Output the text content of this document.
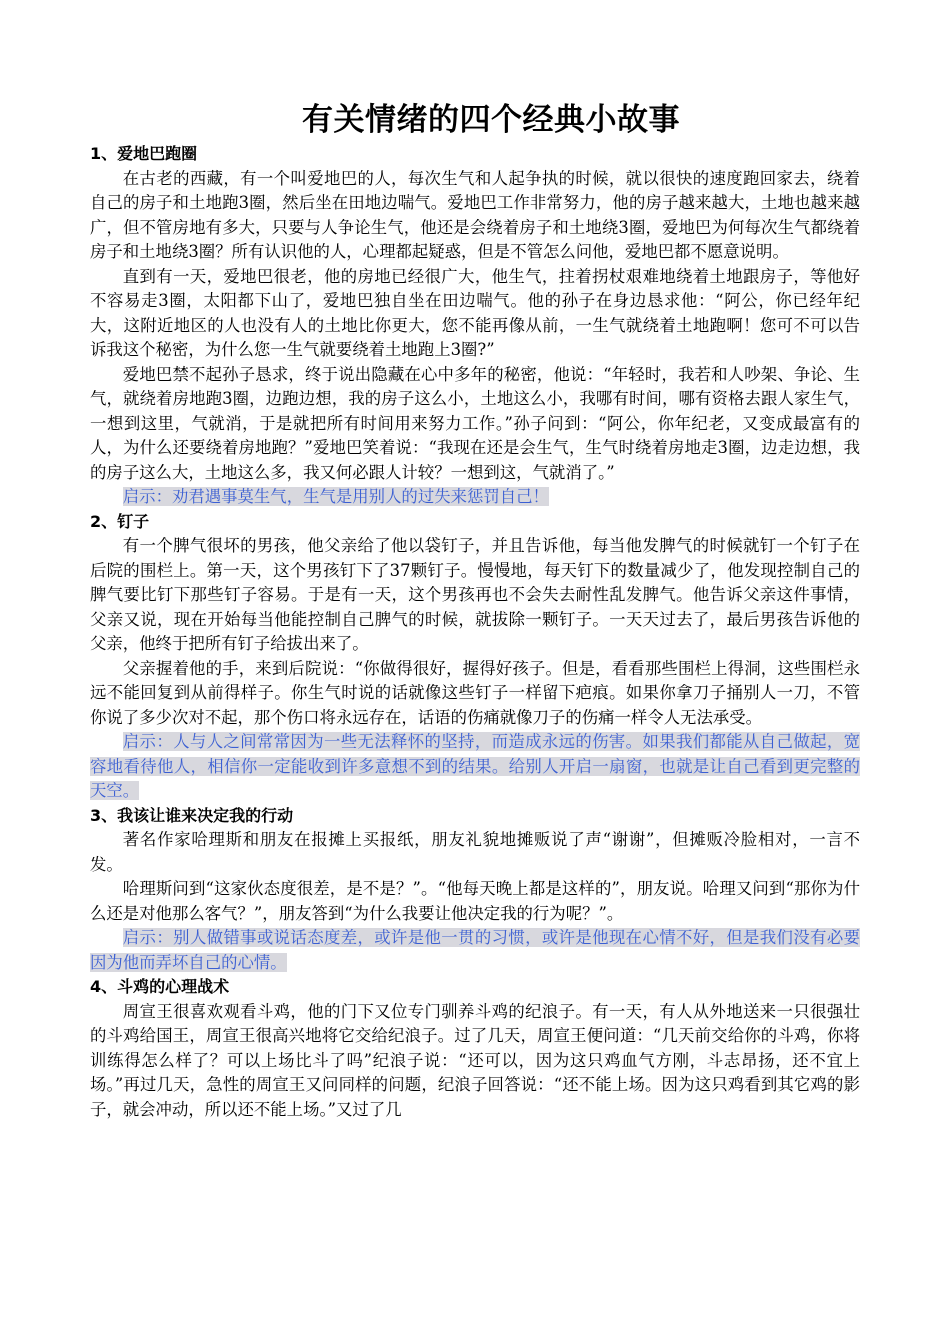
有关情绪的四个经典小故事

1、爱地巴跑圈

在古老的西藏，有一个叫爱地巴的人，每次生气和人起争执的时候，就以很快的速度跑回家去，绕着自己的房子和土地跑3圈，然后坐在田地边喘气。爱地巴工作非常努力，他的房子越来越大，土地也越来越广，但不管房地有多大，只要与人争论生气，他还是会绕着房子和土地绕3圈，爱地巴为何每次生气都绕着房子和土地绕3圈？所有认识他的人，心理都起疑惑，但是不管怎么问他，爱地巴都不愿意说明。

直到有一天，爱地巴很老，他的房地已经很广大，他生气，拄着拐杖艰难地绕着土地跟房子，等他好不容易走3圈，太阳都下山了，爱地巴独自坐在田边喘气。他的孙子在身边恳求他：“阿公，你已经年纪大，这附近地区的人也没有人的土地比你更大，您不能再像从前，一生气就绕着土地跑啊！您可不可以告诉我这个秘密，为什么您一生气就要绕着土地跑上3圈?”

爱地巴禁不起孙子恳求，终于说出隐藏在心中多年的秘密，他说：“年轻时，我若和人吵架、争论、生气，就绕着房地跑3圈，边跑边想，我的房子这么小，土地这么小，我哪有时间，哪有资格去跟人家生气，一想到这里，气就消，于是就把所有时间用来努力工作。”孙子问到：“阿公，你年纪老，又变成最富有的人，为什么还要绕着房地跑？”爱地巴笑着说：“我现在还是会生气，生气时绕着房地走3圈，边走边想，我的房子这么大，土地这么多，我又何必跟人计较？一想到这，气就消了。”

启示：劝君遇事莫生气，生气是用别人的过失来惩罚自己！

2、钉子

有一个脾气很坏的男孩，他父亲给了他以袋钉子，并且告诉他，每当他发脾气的时候就钉一个钉子在后院的围栏上。第一天，这个男孩钉下了37颗钉子。慢慢地，每天钉下的数量减少了，他发现控制自己的脾气要比钉下那些钉子容易。于是有一天，这个男孩再也不会失去耐性乱发脾气。他告诉父亲这件事情，父亲又说，现在开始每当他能控制自己脾气的时候，就拔除一颗钉子。一天天过去了，最后男孩告诉他的父亲，他终于把所有钉子给拔出来了。

父亲握着他的手，来到后院说：“你做得很好，握得好孩子。但是，看看那些围栏上得洞，这些围栏永远不能回复到从前得样子。你生气时说的话就像这些钉子一样留下疤痕。如果你拿刀子捅别人一刀，不管你说了多少次对不起，那个伤口将永远存在，话语的伤痛就像刀子的伤痛一样令人无法承受。

启示：人与人之间常常因为一些无法释怀的坚持，而造成永远的伤害。如果我们都能从自己做起，宽容地看待他人，相信你一定能收到许多意想不到的结果。给别人开启一扇窗，也就是让自己看到更完整的天空。

3、我该让谁来决定我的行动

著名作家哈理斯和朋友在报摊上买报纸，朋友礼貌地摊贩说了声“谢谢”，但摊贩冷脸相对，一言不发。

哈理斯问到“这家伙态度很差，是不是？”。“他每天晚上都是这样的”，朋友说。哈理又问到“那你为什么还是对他那么客气？”，朋友答到“为什么我要让他决定我的行为呢？”。

启示：别人做错事或说话态度差，或许是他一贯的习惯，或许是他现在心情不好，但是我们没有必要因为他而弄坏自己的心情。

4、斗鸡的心理战术

周宣王很喜欢观看斗鸡，他的门下又位专门驯养斗鸡的纪浪子。有一天，有人从外地送来一只很强壮的斗鸡给国王，周宣王很高兴地将它交给纪浪子。过了几天，周宣王便问道：“几天前交给你的斗鸡，你将训练得怎么样了？可以上场比斗了吗”纪浪子说：“还可以，因为这只鸡血气方刚，斗志昂扬，还不宜上场。”再过几天，急性的周宣王又问同样的问题，纪浪子回答说：“还不能上场。因为这只鸡看到其它鸡的影子，就会冲动，所以还不能上场。”又过了几
